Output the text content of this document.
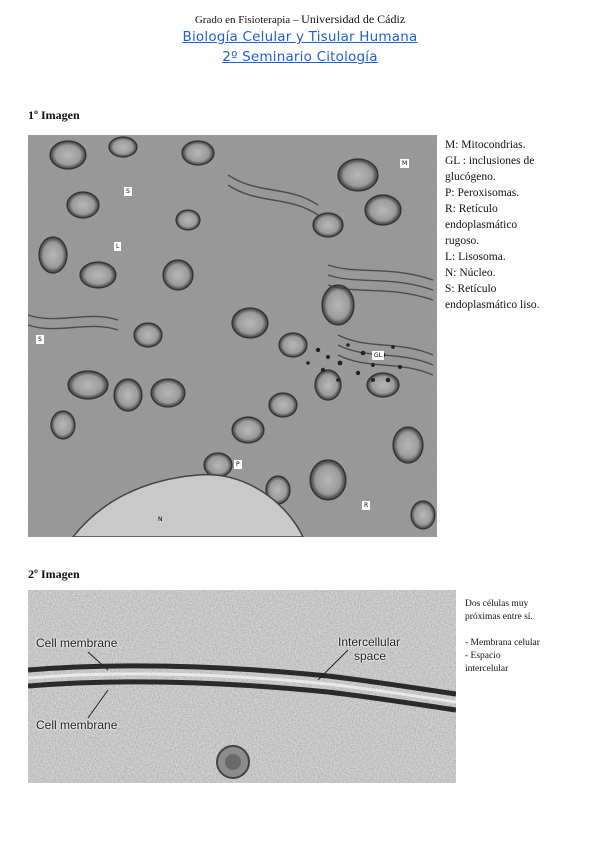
Grado en Fisioterapia – Universidad de Cádiz
Biología Celular y Tisular Humana
2º Seminario Citología
1º Imagen
M
S
L
S
GL
P
N
R
M: Mitocondrias.
GL : inclusiones de
glucógeno.
P: Peroxisomas.
R: Retículo
endoplasmático
rugoso.
L: Lisosoma.
N: Núcleo.
S: Retículo
endoplasmático liso.
2º Imagen
Cell membrane
Cell membrane
Intercellular
space
Dos células muy
próximas entre sí.
- Membrana celular
- Espacio
intercelular
